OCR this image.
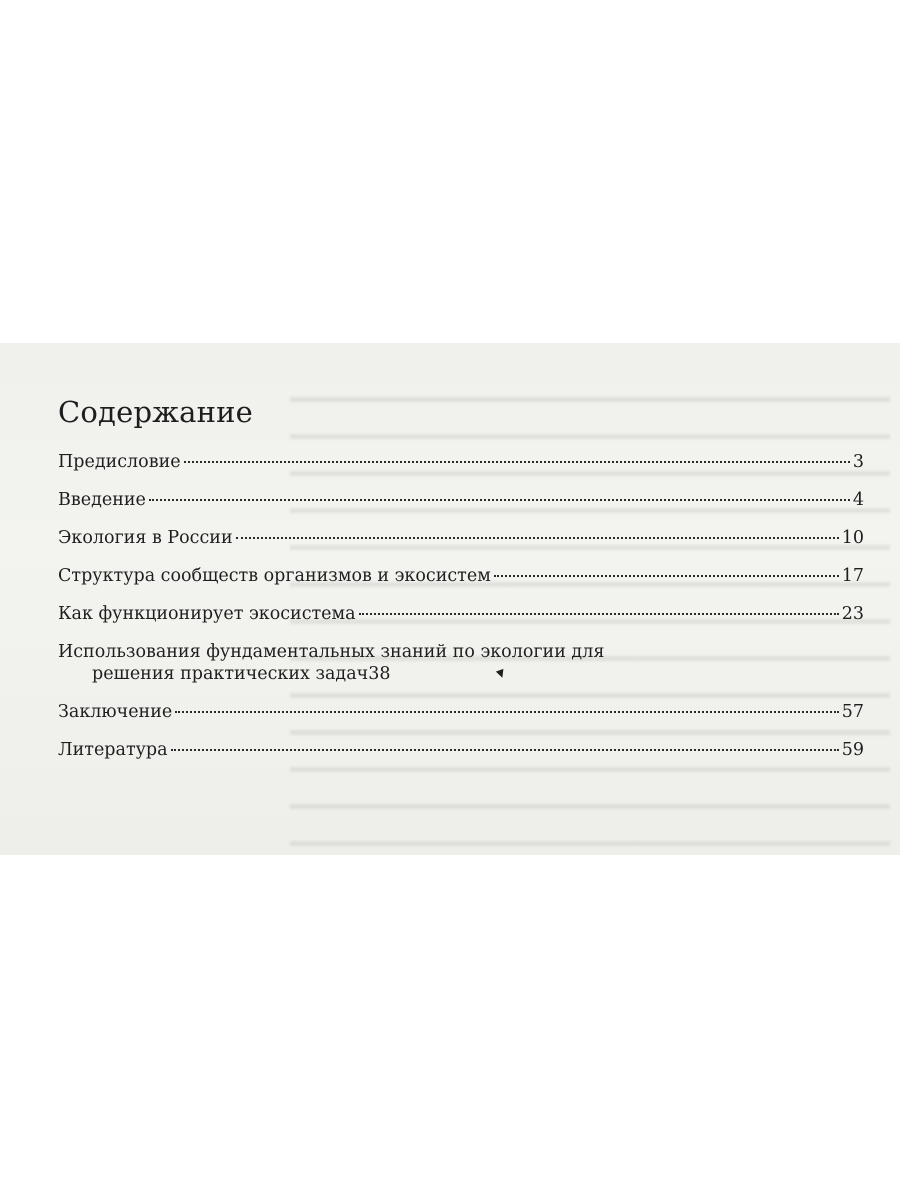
Содержание
Предисловие	3
Введение	4
Экология в России	10
Структура сообществ организмов и экосистем	17
Как функционирует экосистема	23
Использования фундаментальных знаний по экологии для
решения практических задач 38
Заключение	57
Литература	59
